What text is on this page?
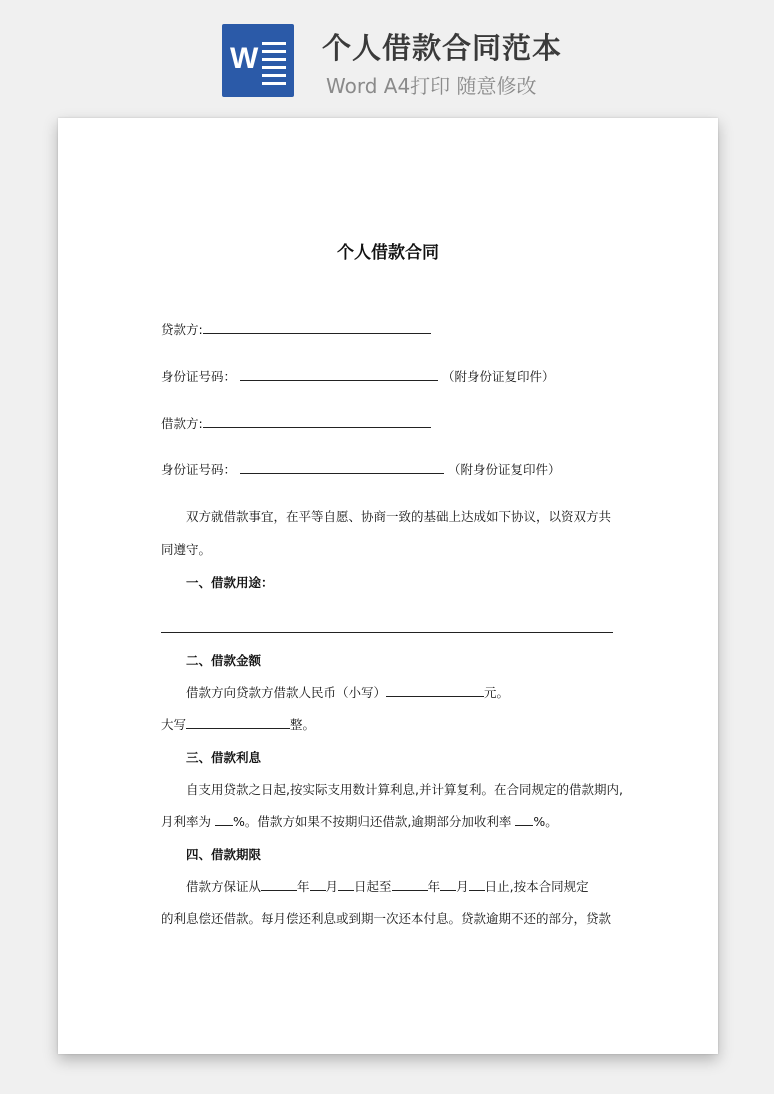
W 个人借款合同范本
Word A4打印 随意修改

个人借款合同
贷款方:
身份证号码：	（附身份证复印件）
借款方:
身份证号码：	（附身份证复印件）
双方就借款事宜，在平等自愿、协商一致的基础上达成如下协议，以资双方共
同遵守。
一、借款用途：
二、借款金额
借款方向贷款方借款人民币（小写）	元。
大写	整。
三、借款利息
自支用贷款之日起,按实际支用数计算利息,并计算复利。在合同规定的借款期内,
月利率为 %。借款方如果不按期归还借款,逾期部分加收利率 %。
四、借款期限
借款方保证从	年 月 日起至	年 月 日止,按本合同规定
的利息偿还借款。每月偿还利息或到期一次还本付息。贷款逾期不还的部分，贷款
